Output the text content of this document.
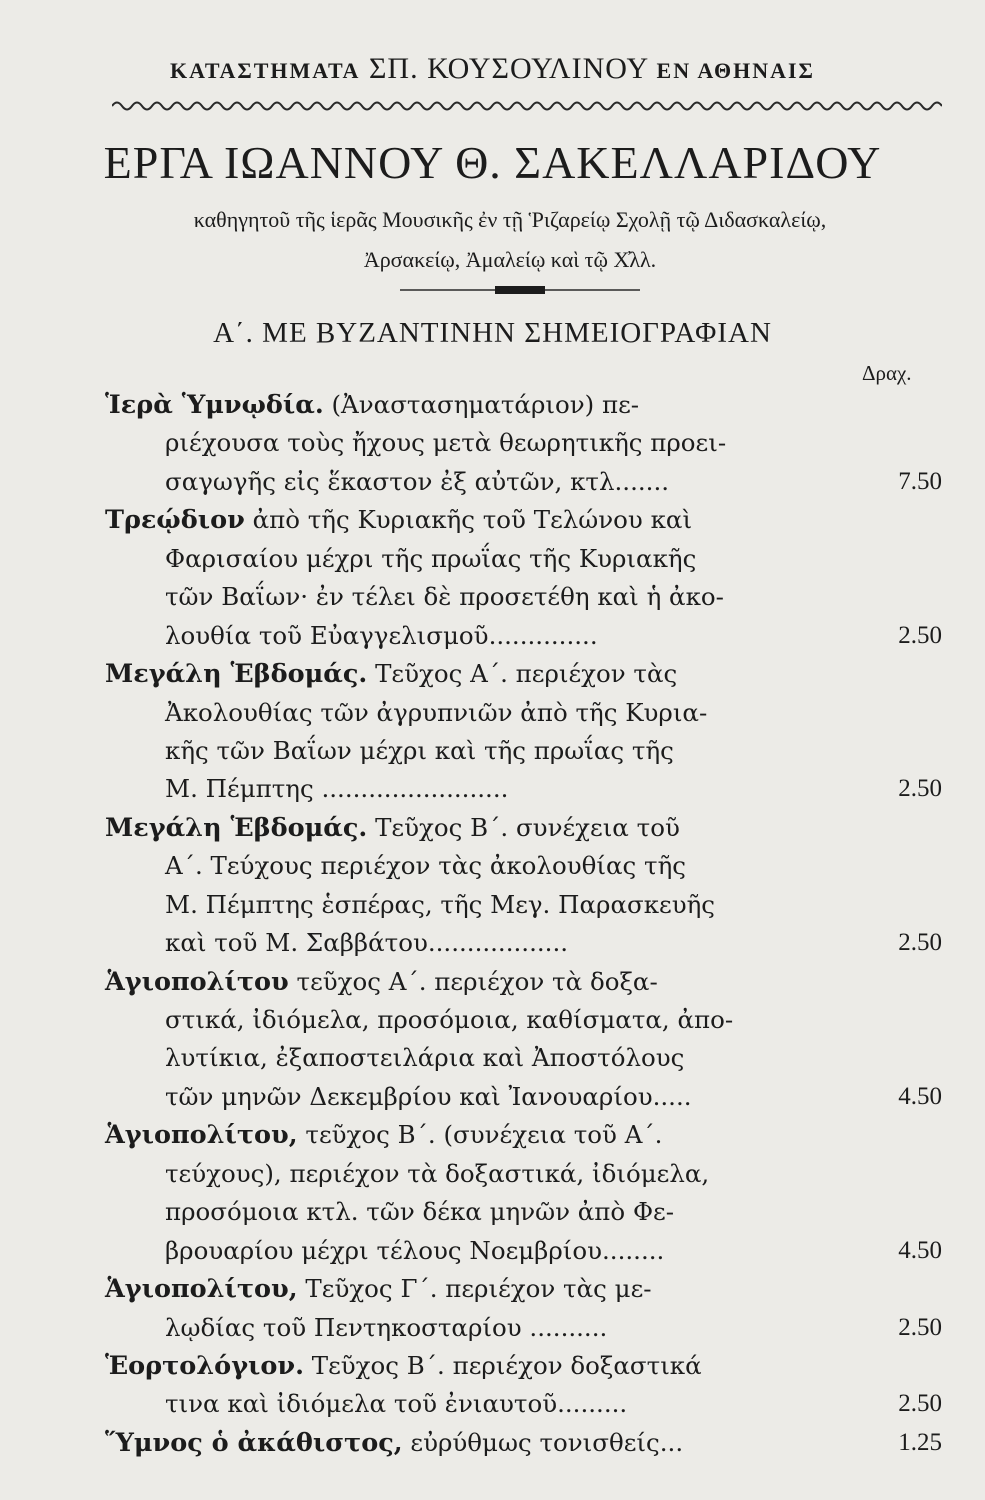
ΚΑΤΑΣΤΗΜΑΤΑ ΣΠ. ΚΟΥΣΟΥΛΙΝΟΥ ΕΝ ΑΘΗΝΑΙΣ
ΕΡΓΑ ΙΩΑΝΝΟΥ Θ. ΣΑΚΕΛΛΑΡΙΔΟΥ
καθηγητοῦ τῆς ἱερᾶς Μουσικῆς ἐν τῇ Ῥιζαρείῳ Σχολῇ τῷ Διδασκαλείῳ,
Ἀρσακείῳ, Ἀμαλείῳ καὶ τῷ Χ̓λλ.
Α΄. ΜΕ ΒΥΖΑΝΤΙΝΗΝ ΣΗΜΕΙΟΓΡΑΦΙΑΝ
Δραχ.
Ἱερὰ Ὑμνῳδία. (Ἀναστασηματάριον) πε-
ριέχουσα τοὺς ἤχους μετὰ θεωρητικῆς προει-
σαγωγῆς εἰς ἕκαστον ἐξ αὐτῶν, κτλ.......	7.50
Τρεῴδιον ἀπὸ τῆς Κυριακῆς τοῦ Τελώνου καὶ
Φαρισαίου μέχρι τῆς πρωΐας τῆς Κυριακῆς
τῶν Βαΐων· ἐν τέλει δὲ προσετέθη καὶ ἡ ἀκο-
λουθία τοῦ Εὐαγγελισμοῦ..............	2.50
Μεγάλη Ἑβδομάς. Τεῦχος Α΄. περιέχον τὰς
Ἀκολουθίας τῶν ἀγρυπνιῶν ἀπὸ τῆς Κυρια-
κῆς τῶν Βαΐων μέχρι καὶ τῆς πρωΐας τῆς
Μ. Πέμπτης ........................	2.50
Μεγάλη Ἑβδομάς. Τεῦχος Β΄. συνέχεια τοῦ
Α΄. Τεύχους περιέχον τὰς ἀκολουθίας τῆς
Μ. Πέμπτης ἑσπέρας, τῆς Μεγ. Παρασκευῆς
καὶ τοῦ Μ. Σαββάτου..................	2.50
Ἁγιοπολίτου τεῦχος Α΄. περιέχον τὰ δοξα-
στικά, ἰδιόμελα, προσόμοια, καθίσματα, ἀπο-
λυτίκια, ἐξαποστειλάρια καὶ Ἀποστόλους
τῶν μηνῶν Δεκεμβρίου καὶ Ἰανουαρίου.....	4.50
Ἁγιοπολίτου, τεῦχος Β΄. (συνέχεια τοῦ Α΄.
τεύχους), περιέχον τὰ δοξαστικά, ἰδιόμελα,
προσόμοια κτλ. τῶν δέκα μηνῶν ἀπὸ Φε-
βρουαρίου μέχρι τέλους Νοεμβρίου........	4.50
Ἁγιοπολίτου, Τεῦχος Γ΄. περιέχον τὰς με-
λῳδίας τοῦ Πεντηκοσταρίου ..........	2.50
Ἑορτολόγιον. Τεῦχος Β΄. περιέχον δοξαστικά
τινα καὶ ἰδιόμελα τοῦ ἐνιαυτοῦ.........	2.50
Ὕμνος ὁ ἀκάθιστος, εὐρύθμως τονισθείς...	1.25
